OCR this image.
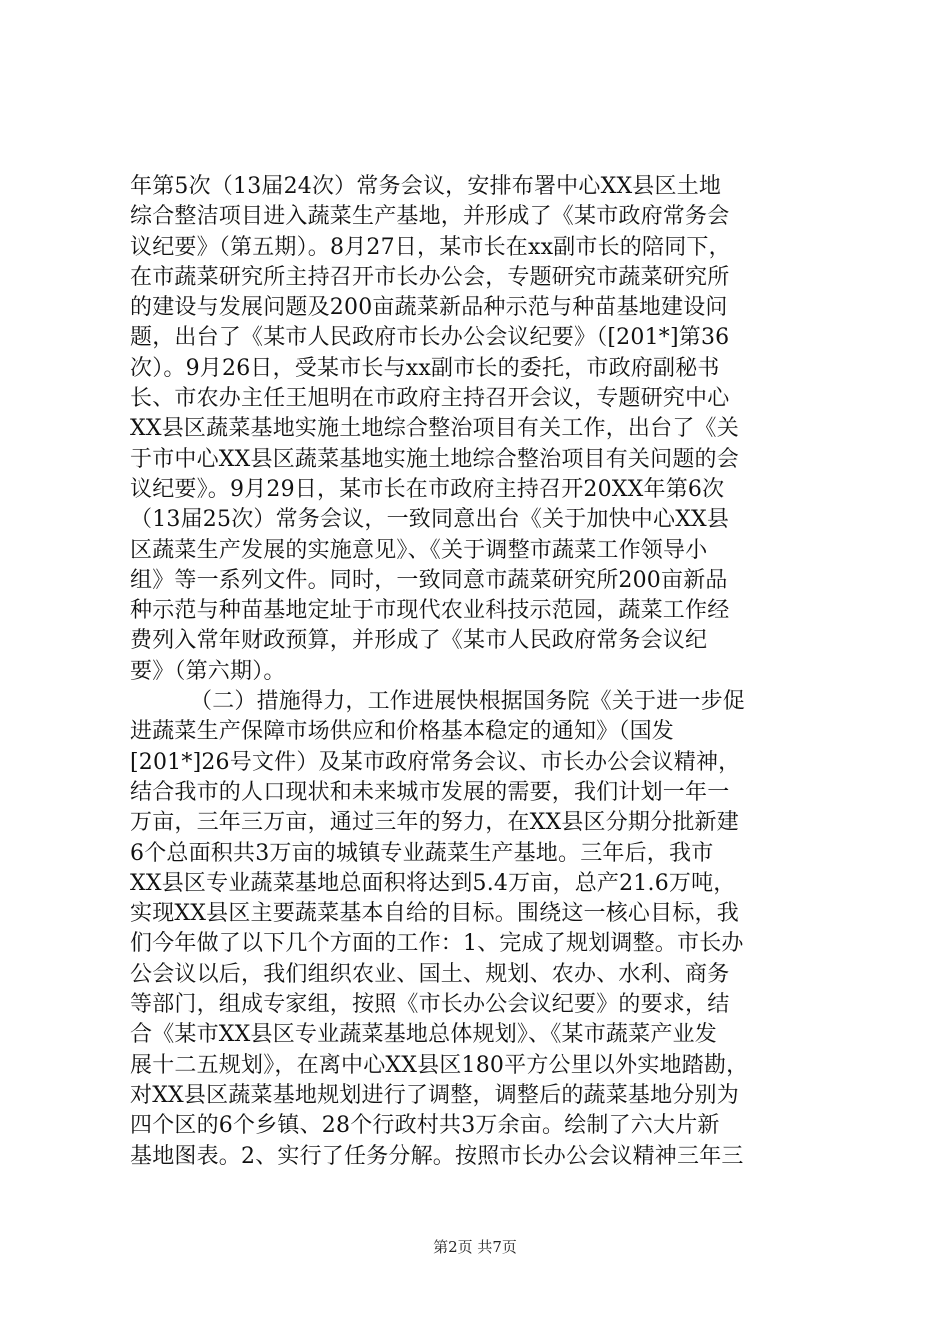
年第5次（13届24次）常务会议，安排布署中心XX县区土地
综合整洁项目进入蔬菜生产基地，并形成了《某市政府常务会
议纪要》（第五期）。8月27日，某市长在xx副市长的陪同下，
在市蔬菜研究所主持召开市长办公会，专题研究市蔬菜研究所
的建设与发展问题及200亩蔬菜新品种示范与种苗基地建设问
题，出台了《某市人民政府市长办公会议纪要》（[201*]第36
次）。9月26日，受某市长与xx副市长的委托，市政府副秘书
长、市农办主任王旭明在市政府主持召开会议，专题研究中心
XX县区蔬菜基地实施土地综合整治项目有关工作，出台了《关
于市中心XX县区蔬菜基地实施土地综合整治项目有关问题的会
议纪要》。9月29日，某市长在市政府主持召开20XX年第6次
（13届25次）常务会议，一致同意出台《关于加快中心XX县
区蔬菜生产发展的实施意见》、《关于调整市蔬菜工作领导小
组》等一系列文件。同时，一致同意市蔬菜研究所200亩新品
种示范与种苗基地定址于市现代农业科技示范园，蔬菜工作经
费列入常年财政预算，并形成了《某市人民政府常务会议纪
要》（第六期）。
（二）措施得力，工作进展快根据国务院《关于进一步促
进蔬菜生产保障市场供应和价格基本稳定的通知》（国发
[201*]26号文件）及某市政府常务会议、市长办公会议精神，
结合我市的人口现状和未来城市发展的需要，我们计划一年一
万亩，三年三万亩，通过三年的努力，在XX县区分期分批新建
6个总面积共3万亩的城镇专业蔬菜生产基地。三年后，我市
XX县区专业蔬菜基地总面积将达到5.4万亩，总产21.6万吨，
实现XX县区主要蔬菜基本自给的目标。围绕这一核心目标，我
们今年做了以下几个方面的工作：1、完成了规划调整。市长办
公会议以后，我们组织农业、国土、规划、农办、水利、商务
等部门，组成专家组，按照《市长办公会议纪要》的要求，结
合《某市XX县区专业蔬菜基地总体规划》、《某市蔬菜产业发
展十二五规划》，在离中心XX县区180平方公里以外实地踏勘，
对XX县区蔬菜基地规划进行了调整，调整后的蔬菜基地分别为
四个区的6个乡镇、28个行政村共3万余亩。绘制了六大片新
基地图表。2、实行了任务分解。按照市长办公会议精神三年三
第2页 共7页
